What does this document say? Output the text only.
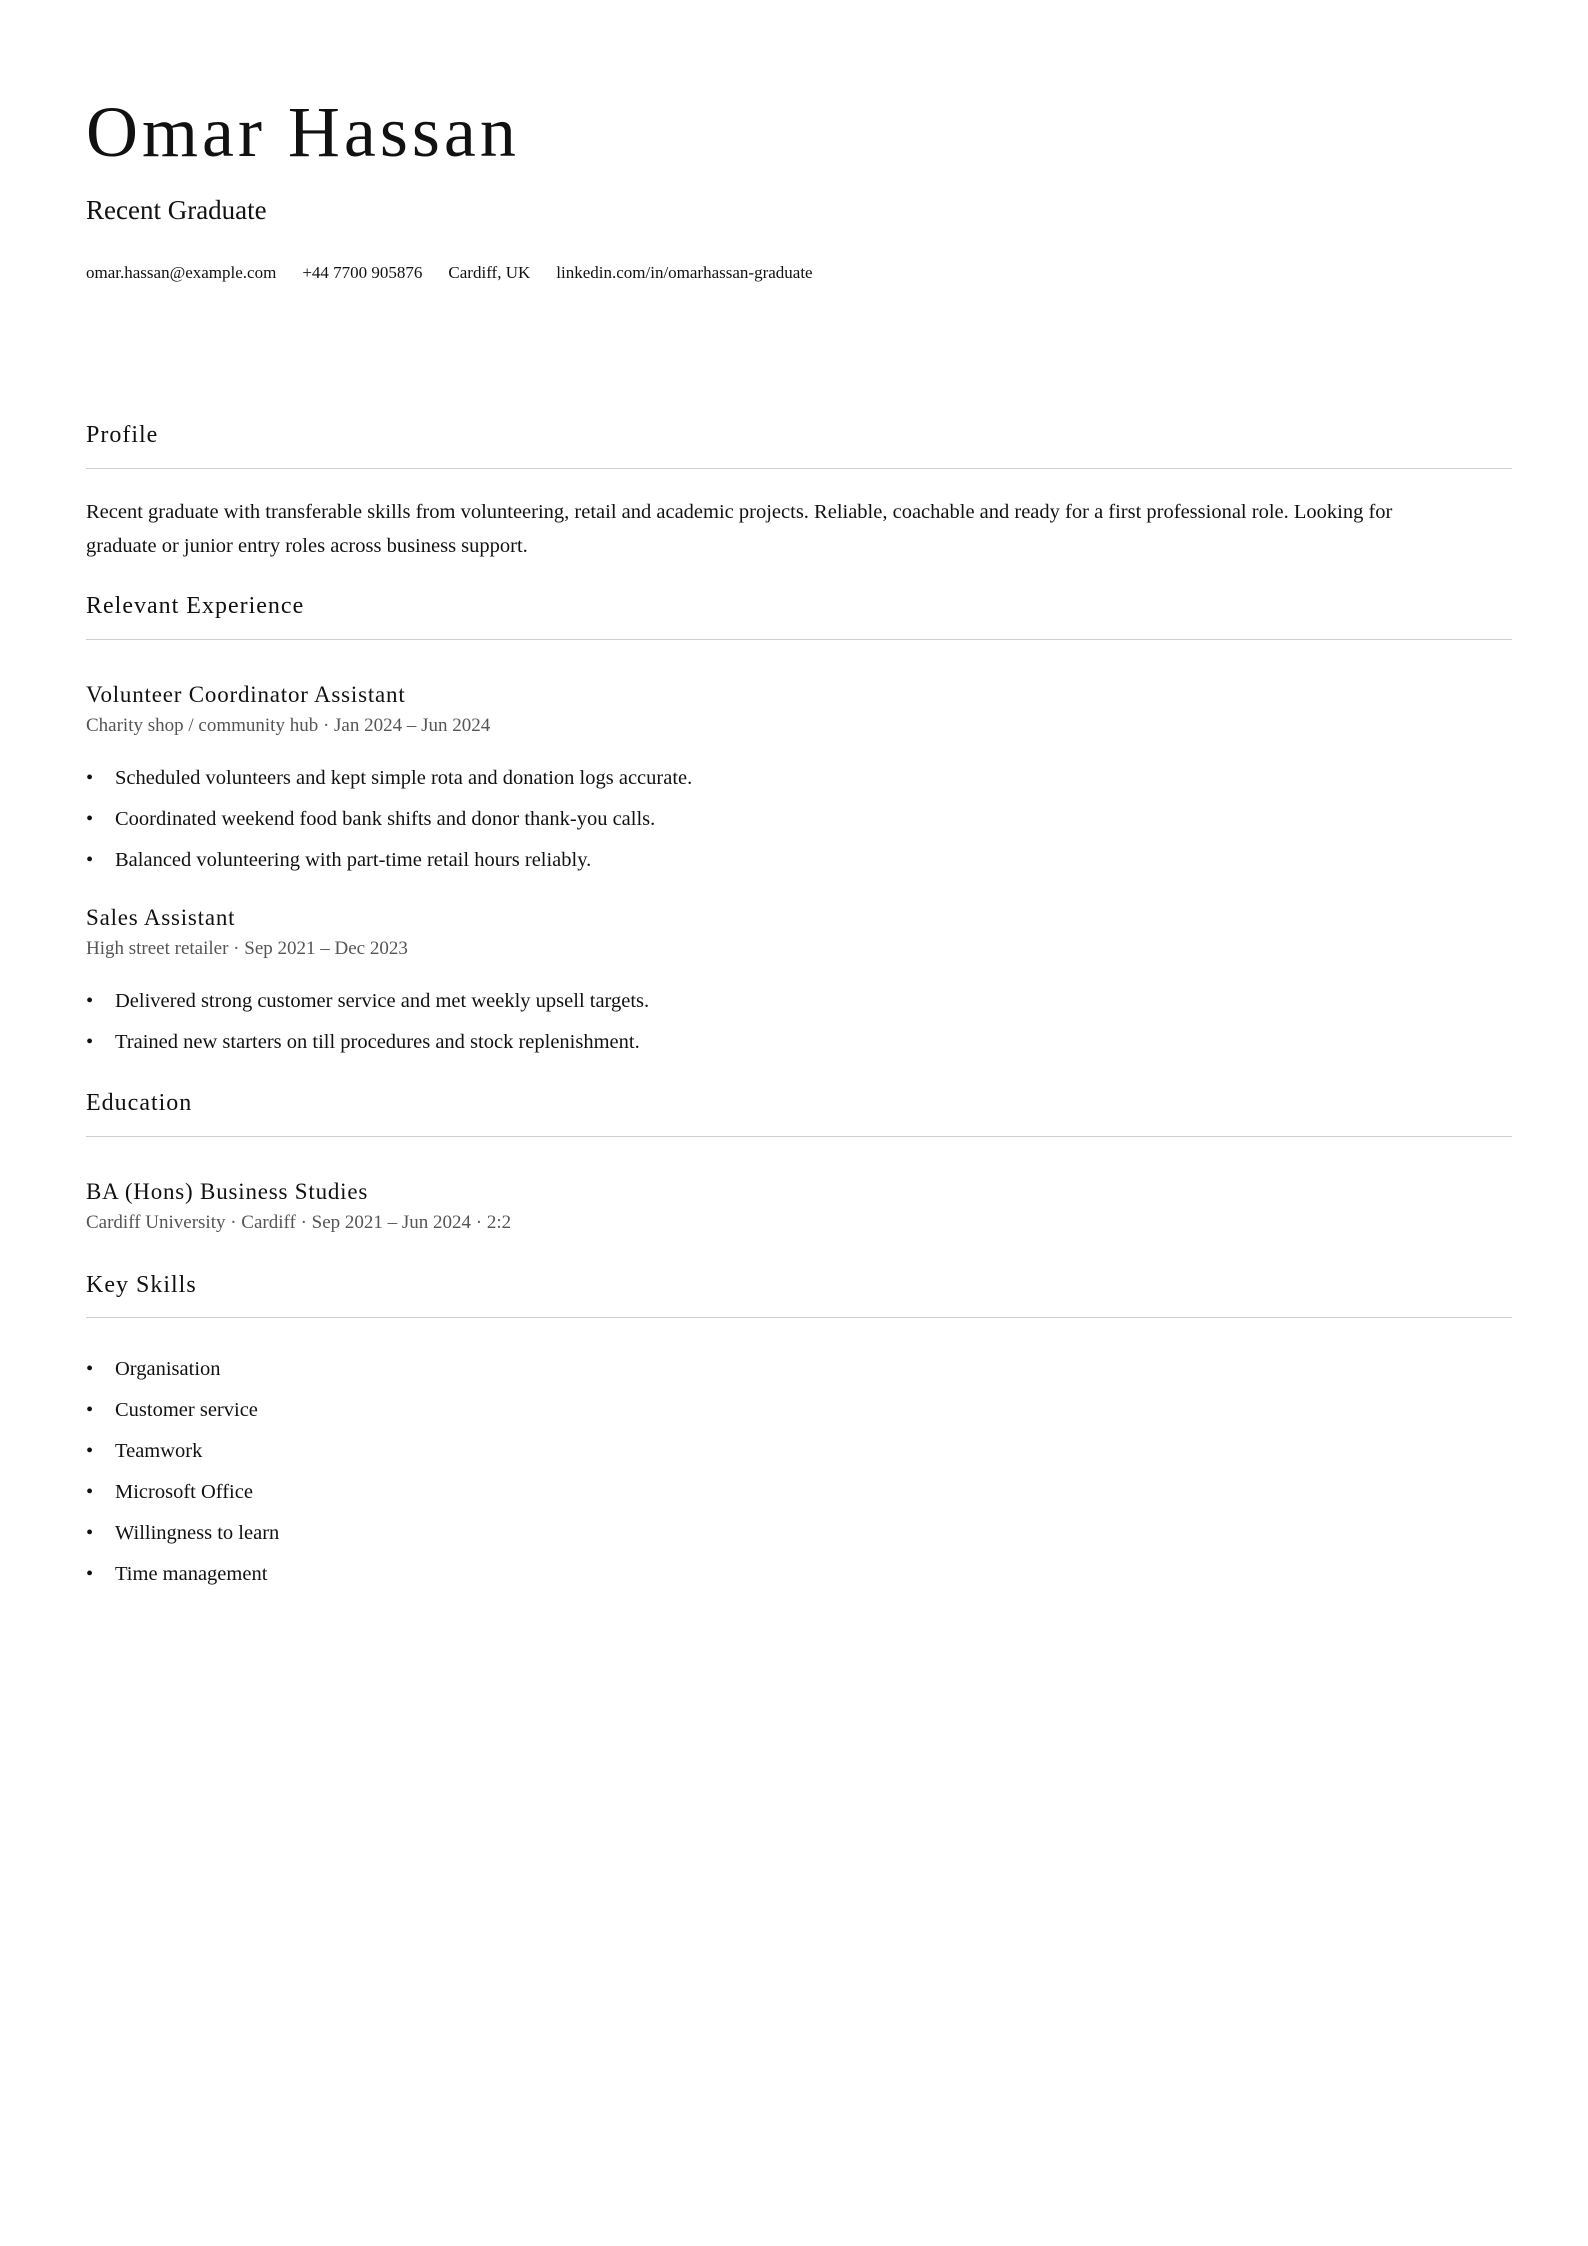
Omar Hassan
Recent Graduate
omar.hassan@example.com +44 7700 905876 Cardiff, UK linkedin.com/in/omarhassan-graduate
Profile
Recent graduate with transferable skills from volunteering, retail and academic projects. Reliable, coachable and ready for a first professional role. Looking for
graduate or junior entry roles across business support.
Relevant Experience
Volunteer Coordinator Assistant
Charity shop / community hub · Jan 2024 – Jun 2024
•	Scheduled volunteers and kept simple rota and donation logs accurate.
•	Coordinated weekend food bank shifts and donor thank-you calls.
•	Balanced volunteering with part-time retail hours reliably.
Sales Assistant
High street retailer · Sep 2021 – Dec 2023
•	Delivered strong customer service and met weekly upsell targets.
•	Trained new starters on till procedures and stock replenishment.
Education
BA (Hons) Business Studies
Cardiff University · Cardiff · Sep 2021 – Jun 2024 · 2:2
Key Skills
•	Organisation
•	Customer service
•	Teamwork
•	Microsoft Office
•	Willingness to learn
•	Time management
